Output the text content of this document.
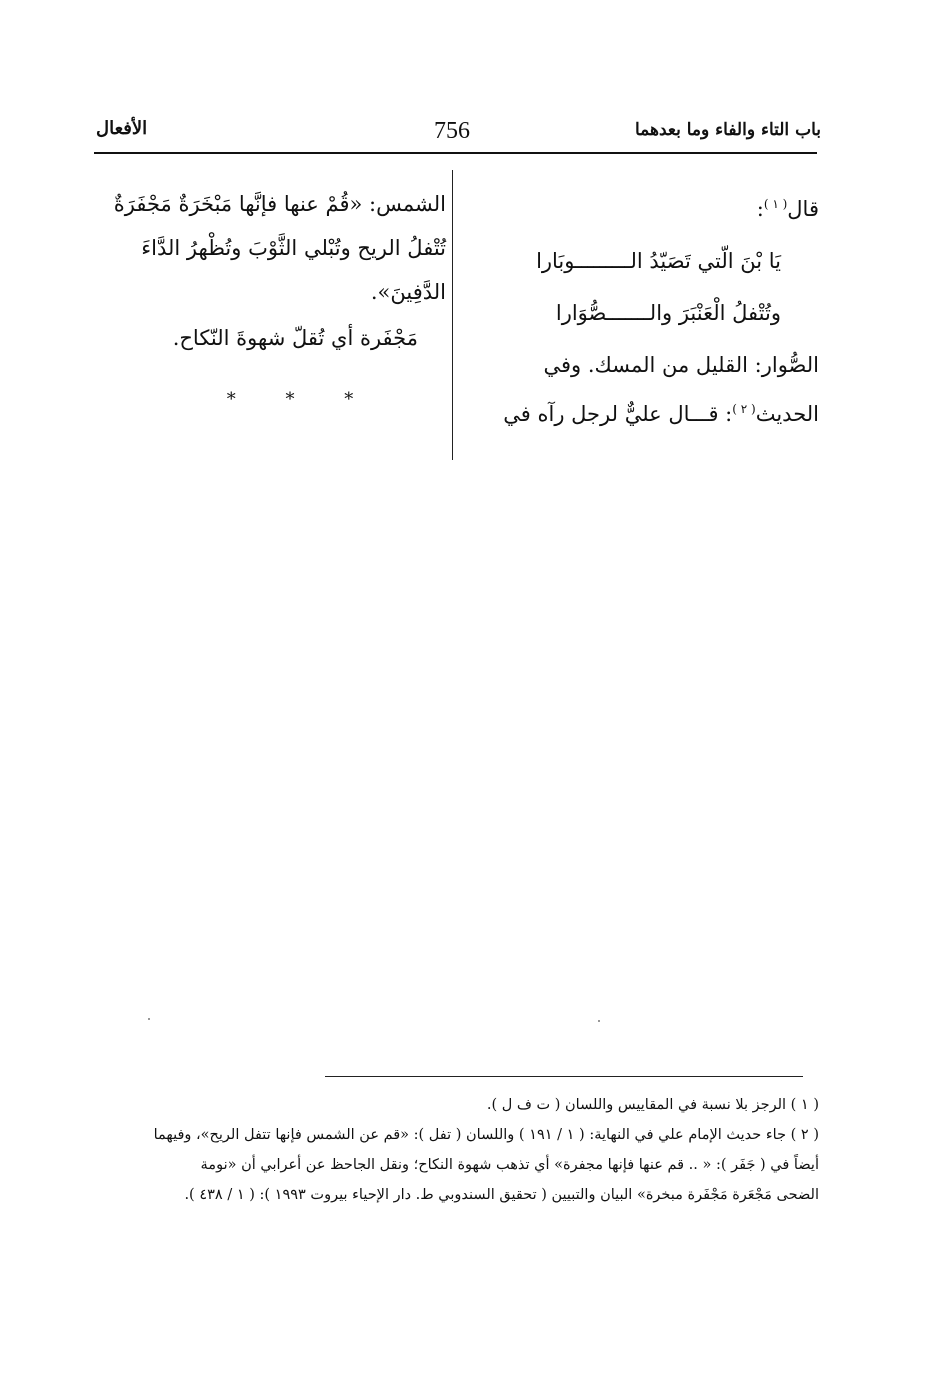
باب التاء والفاء وما بعدهما
756
الأفعال
قال$^{( ١ )}$:
يَا بْنَ الّتي تَصَيّدُ الـــــــــوبَارا
وتُتْفلُ الْعَنْبَرَ والـــــــصُّوَارا
الصُّوار: القليل من المسك. وفي
الحديث$^{( ٢ )}$: قـــال عليٌّ لرجل رآه في
الشمس: «قُمْ عنها فإنَّها مَبْخَرَةٌ مَجْفَرَةٌ
تُتْفلُ الريح وتُبْلي الثَّوْبَ وتُظْهرُ الدَّاءَ
الدَّفِينَ».
مَجْفَرة أي تُقلّ شهوةَ النّكاح.
* * *
( ١ ) الرجز بلا نسبة في المقاييس واللسان ( ت ف ل ).
( ٢ ) جاء حديث الإمام علي في النهاية: ( ١ / ١٩١ ) واللسان ( تفل ): «قم عن الشمس فإنها تتفل الريح»، وفيهما
أيضاً في ( جَفَر ): « .. قم عنها فإنها مجفرة» أي تذهب شهوة النكاح؛ ونقل الجاحظ عن أعرابي أن «نومة
الضحى مَجْعَرة مَجْفَرة مبخرة» البيان والتبيين ( تحقيق السندوبي ط. دار الإحياء بيروت ١٩٩٣ ): ( ١ / ٤٣٨ ).
